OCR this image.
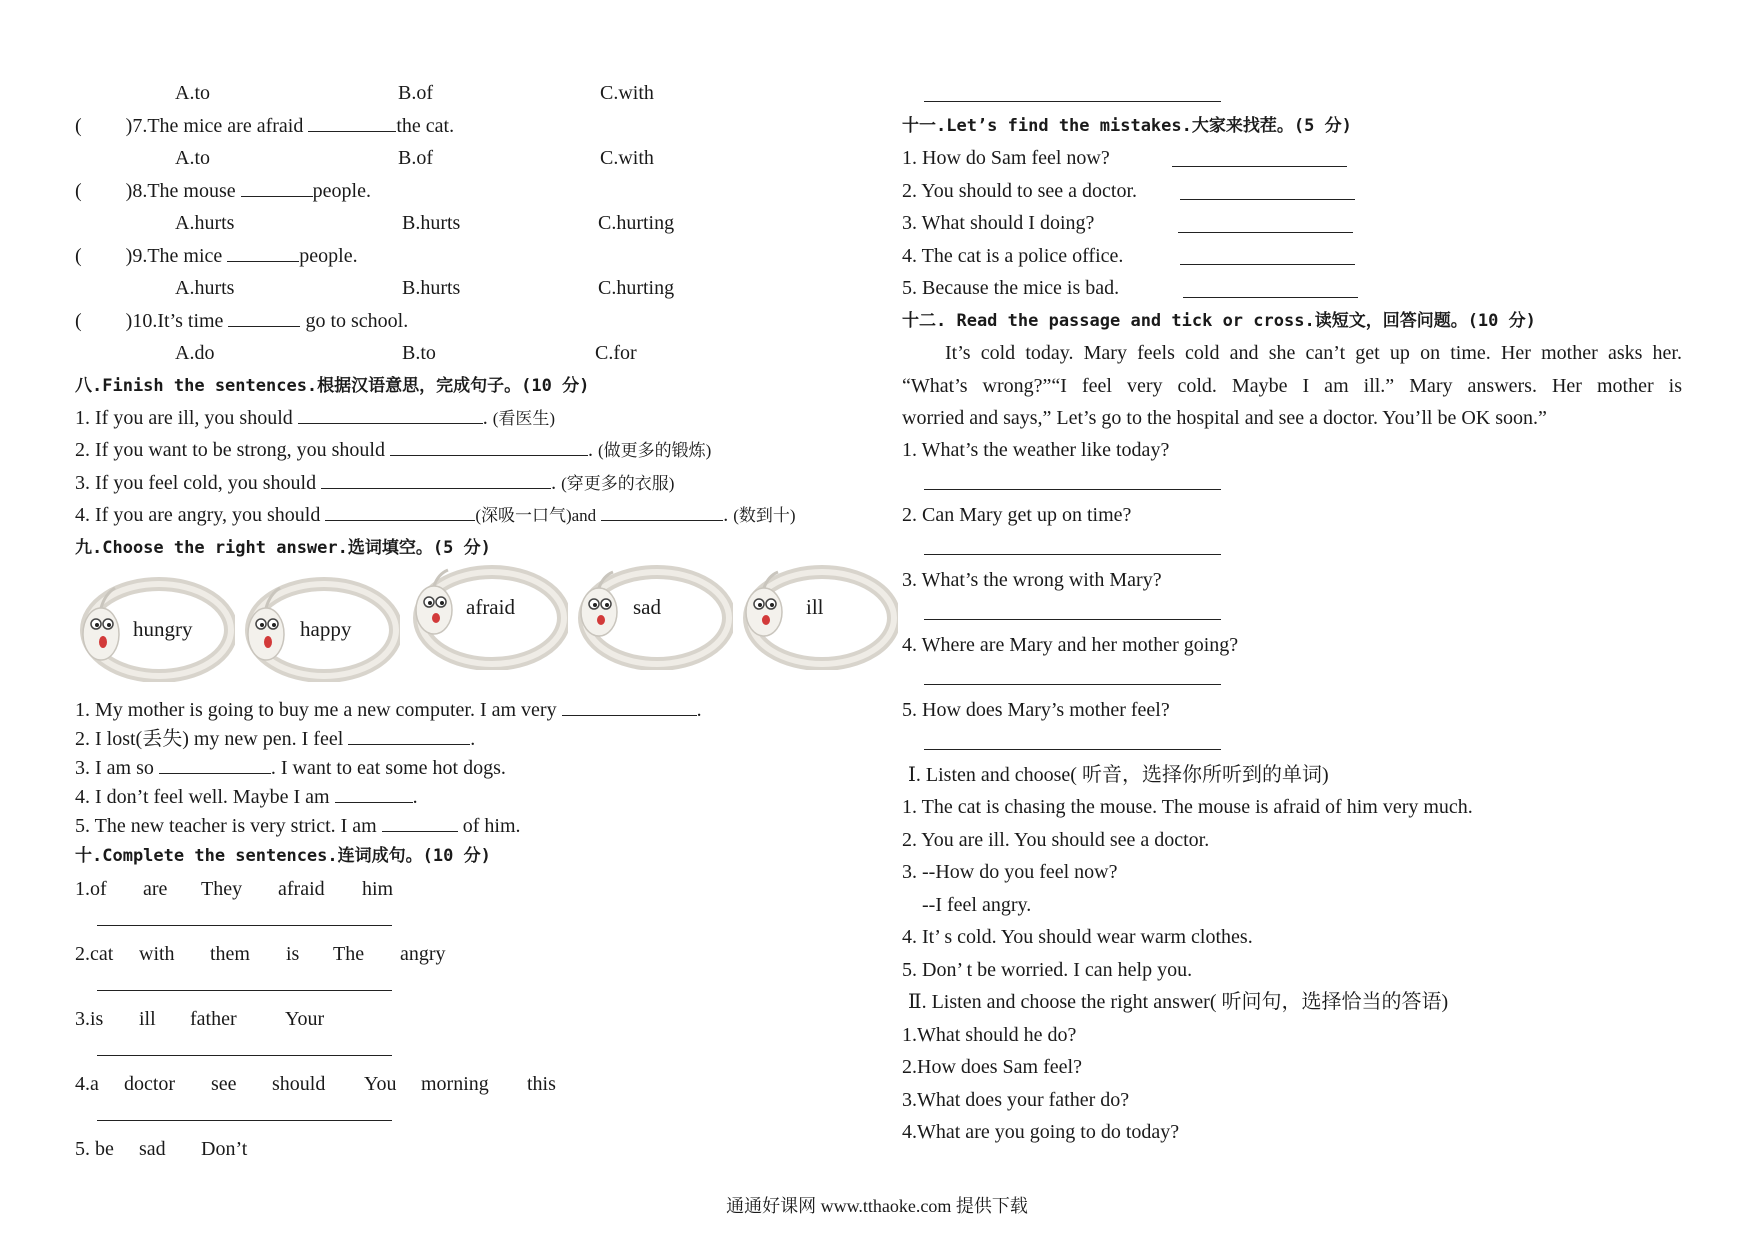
A.to	B.of	C.with
( )7.The mice are afraid	the cat.
A.to	B.of	C.with
( )8.The mouse	people.
A.hurts	B.hurts	C.hurting
( )9.The mice	people.
A.hurts	B.hurts	C.hurting
( )10.It’s time	go to school.
A.do	B.to	C.for
八.Finish the sentences.根据汉语意思，完成句子。(10 分)
1. If you are ill, you should	. (看医生)
2. If you want to be strong, you should	. (做更多的锻炼)
3. If you feel cold, you should	. (穿更多的衣服)
4. If you are angry, you should	(深吸一口气)and	. (数到十)
九.Choose the right answer.选词填空。(5 分)
hungry	happy
afraid	sad	ill
1. My mother is going to buy me a new computer. I am very	.
2. I lost(丢失) my new pen. I feel	.
3. I am so	. I want to eat some hot dogs.
4. I don’t feel well. Maybe I am	.
5. The new teacher is very strict. I am	of him.
十.Complete the sentences.连词成句。(10 分)
1.of are They afraid him
2.cat with them is The angry
3.is ill father Your
4.a doctor see should You morning this
5. be sad Don’t
十一.Let’s find the mistakes.大家来找茬。(5 分)
1. How do Sam feel now?
2. You should to see a doctor.
3. What should I doing?
4. The cat is a police office.
5. Because the mice is bad.
十二. Read the passage and tick or cross.读短文，回答问题。(10 分)
It’s cold today. Mary feels cold and she can’t get up on time. Her mother asks her.
“What’s wrong?”“I feel very cold. Maybe I am ill.” Mary answers. Her mother is
worried and says,” Let’s go to the hospital and see a doctor. You’ll be OK soon.”
1. What’s the weather like today?
2. Can Mary get up on time?
3. What’s the wrong with Mary?
4. Where are Mary and her mother going?
5. How does Mary’s mother feel?
Ⅰ. Listen and choose( 听音，选择你所听到的单词)
1. The cat is chasing the mouse. The mouse is afraid of him very much.
2. You are ill. You should see a doctor.
3. --How do you feel now?
--I feel angry.
4. It’ s cold. You should wear warm clothes.
5. Don’ t be worried. I can help you.
Ⅱ. Listen and choose the right answer( 听问句，选择恰当的答语)
1.What should he do?
2.How does Sam feel?
3.What does your father do?
4.What are you going to do today?
通通好课网 www.tthaoke.com 提供下载
